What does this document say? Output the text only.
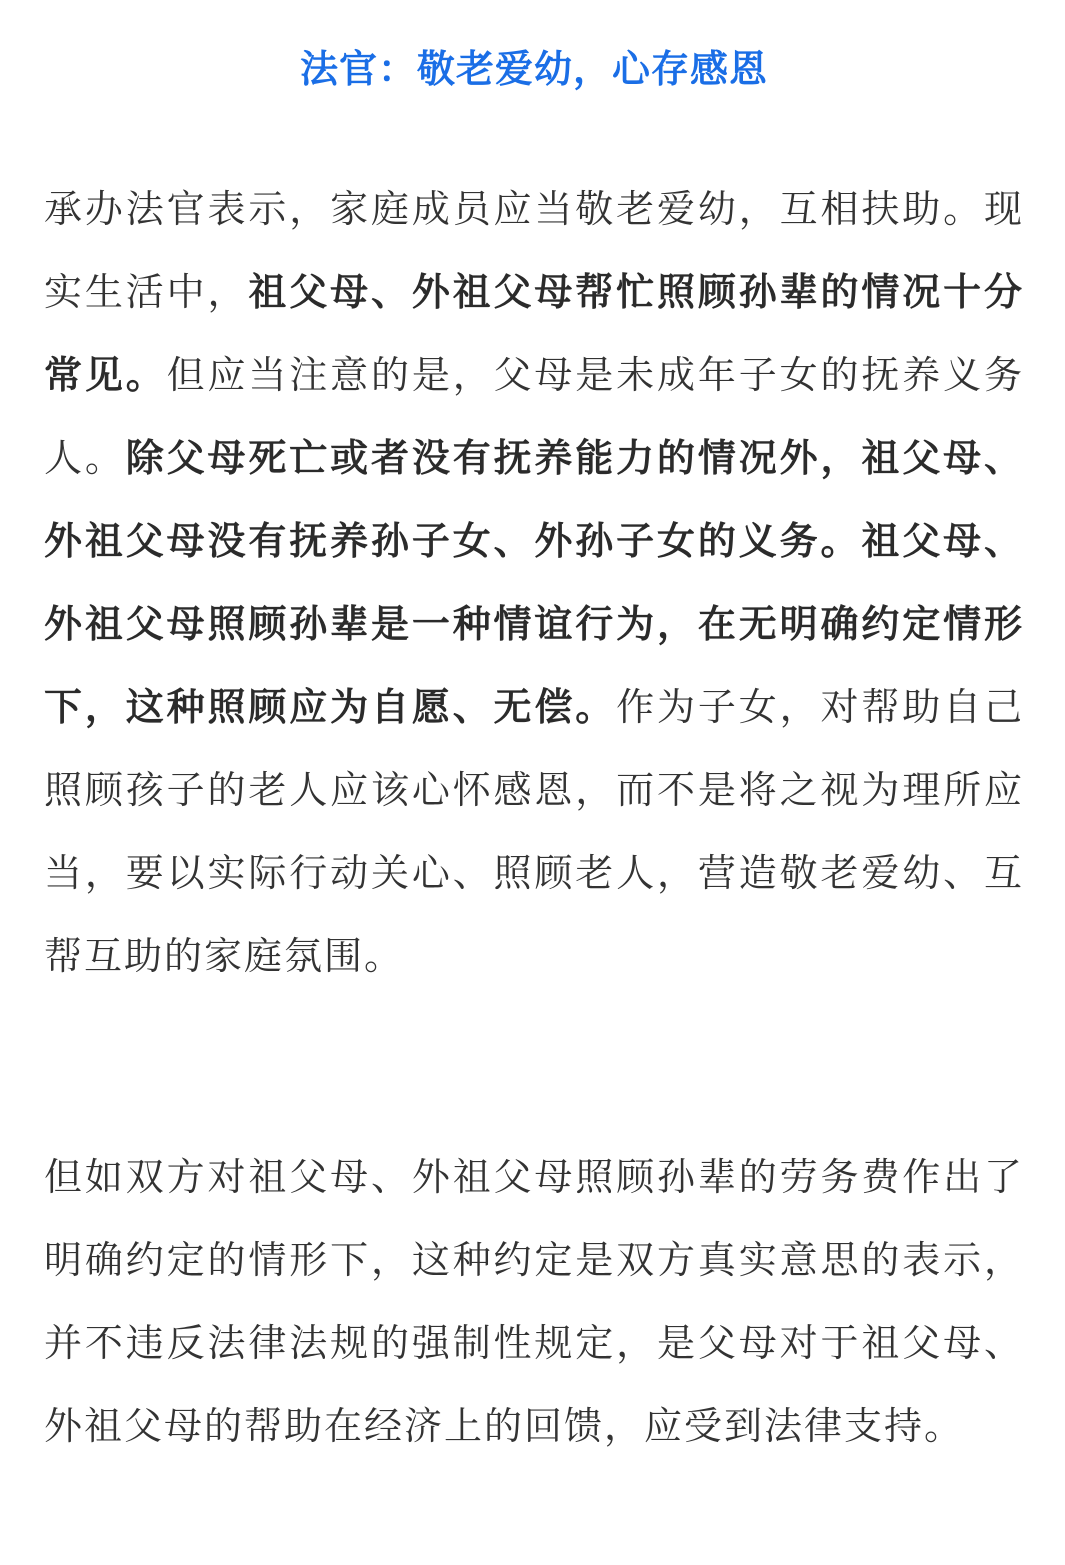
法官：敬老爱幼，心存感恩

承办法官表示，家庭成员应当敬老爱幼，互相扶助。现实生活中，祖父母、外祖父母帮忙照顾孙辈的情况十分常见。但应当注意的是，父母是未成年子女的抚养义务人。除父母死亡或者没有抚养能力的情况外，祖父母、外祖父母没有抚养孙子女、外孙子女的义务。祖父母、外祖父母照顾孙辈是一种情谊行为，在无明确约定情形下，这种照顾应为自愿、无偿。作为子女，对帮助自己照顾孩子的老人应该心怀感恩，而不是将之视为理所应当，要以实际行动关心、照顾老人，营造敬老爱幼、互帮互助的家庭氛围。

但如双方对祖父母、外祖父母照顾孙辈的劳务费作出了明确约定的情形下，这种约定是双方真实意思的表示，并不违反法律法规的强制性规定，是父母对于祖父母、外祖父母的帮助在经济上的回馈，应受到法律支持。
